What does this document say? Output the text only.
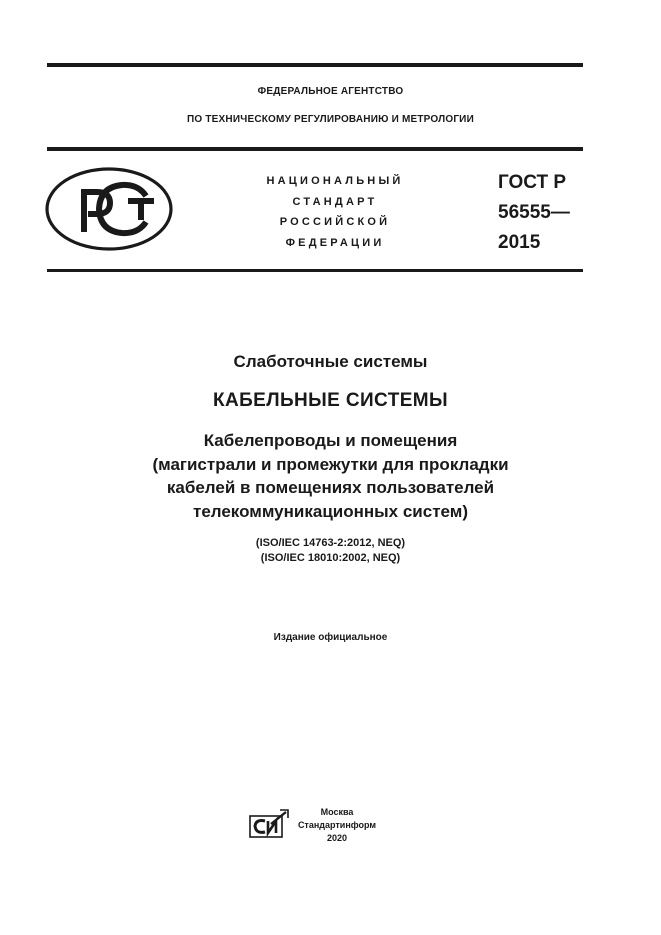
ФЕДЕРАЛЬНОЕ АГЕНТСТВО
ПО ТЕХНИЧЕСКОМУ РЕГУЛИРОВАНИЮ И МЕТРОЛОГИИ
НАЦИОНАЛЬНЫЙ
СТАНДАРТ
РОССИЙСКОЙ
ФЕДЕРАЦИИ
ГОСТ Р
56555—
2015
Слаботочные системы
КАБЕЛЬНЫЕ СИСТЕМЫ
Кабелепроводы и помещения
(магистрали и промежутки для прокладки
кабелей в помещениях пользователей
телекоммуникационных систем)
(ISO/IEC 14763-2:2012, NEQ)
(ISO/IEC 18010:2002, NEQ)
Издание официальное
Москва
Стандартинформ
2020
